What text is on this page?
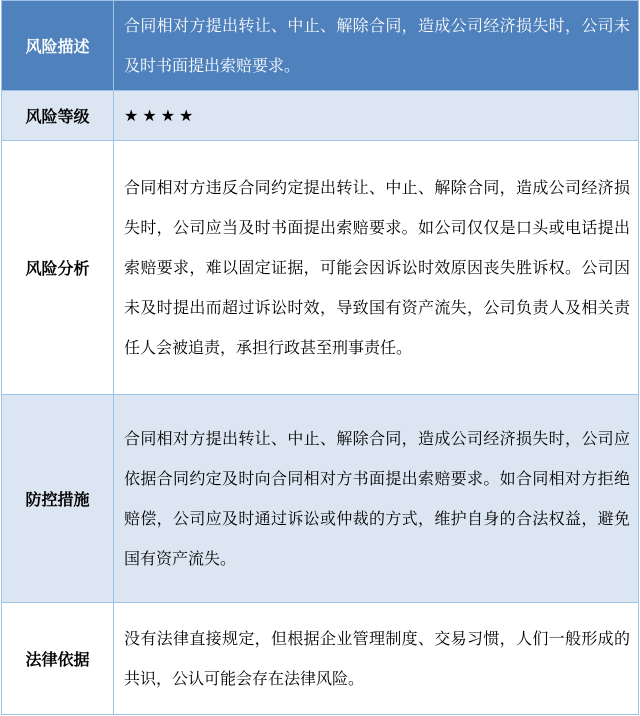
风险描述	合同相对方提出转让、中止、解除合同，造成公司经济损失时，公司未及时书面提出索赔要求。
风险等级	★★★★
风险分析	合同相对方违反合同约定提出转让、中止、解除合同，造成公司经济损失时，公司应当及时书面提出索赔要求。如公司仅仅是口头或电话提出索赔要求，难以固定证据，可能会因诉讼时效原因丧失胜诉权。公司因未及时提出而超过诉讼时效，导致国有资产流失，公司负责人及相关责任人会被追责，承担行政甚至刑事责任。
防控措施	合同相对方提出转让、中止、解除合同，造成公司经济损失时，公司应依据合同约定及时向合同相对方书面提出索赔要求。如合同相对方拒绝赔偿，公司应及时通过诉讼或仲裁的方式，维护自身的合法权益，避免国有资产流失。
法律依据	没有法律直接规定，但根据企业管理制度、交易习惯，人们一般形成的共识，公认可能会存在法律风险。
